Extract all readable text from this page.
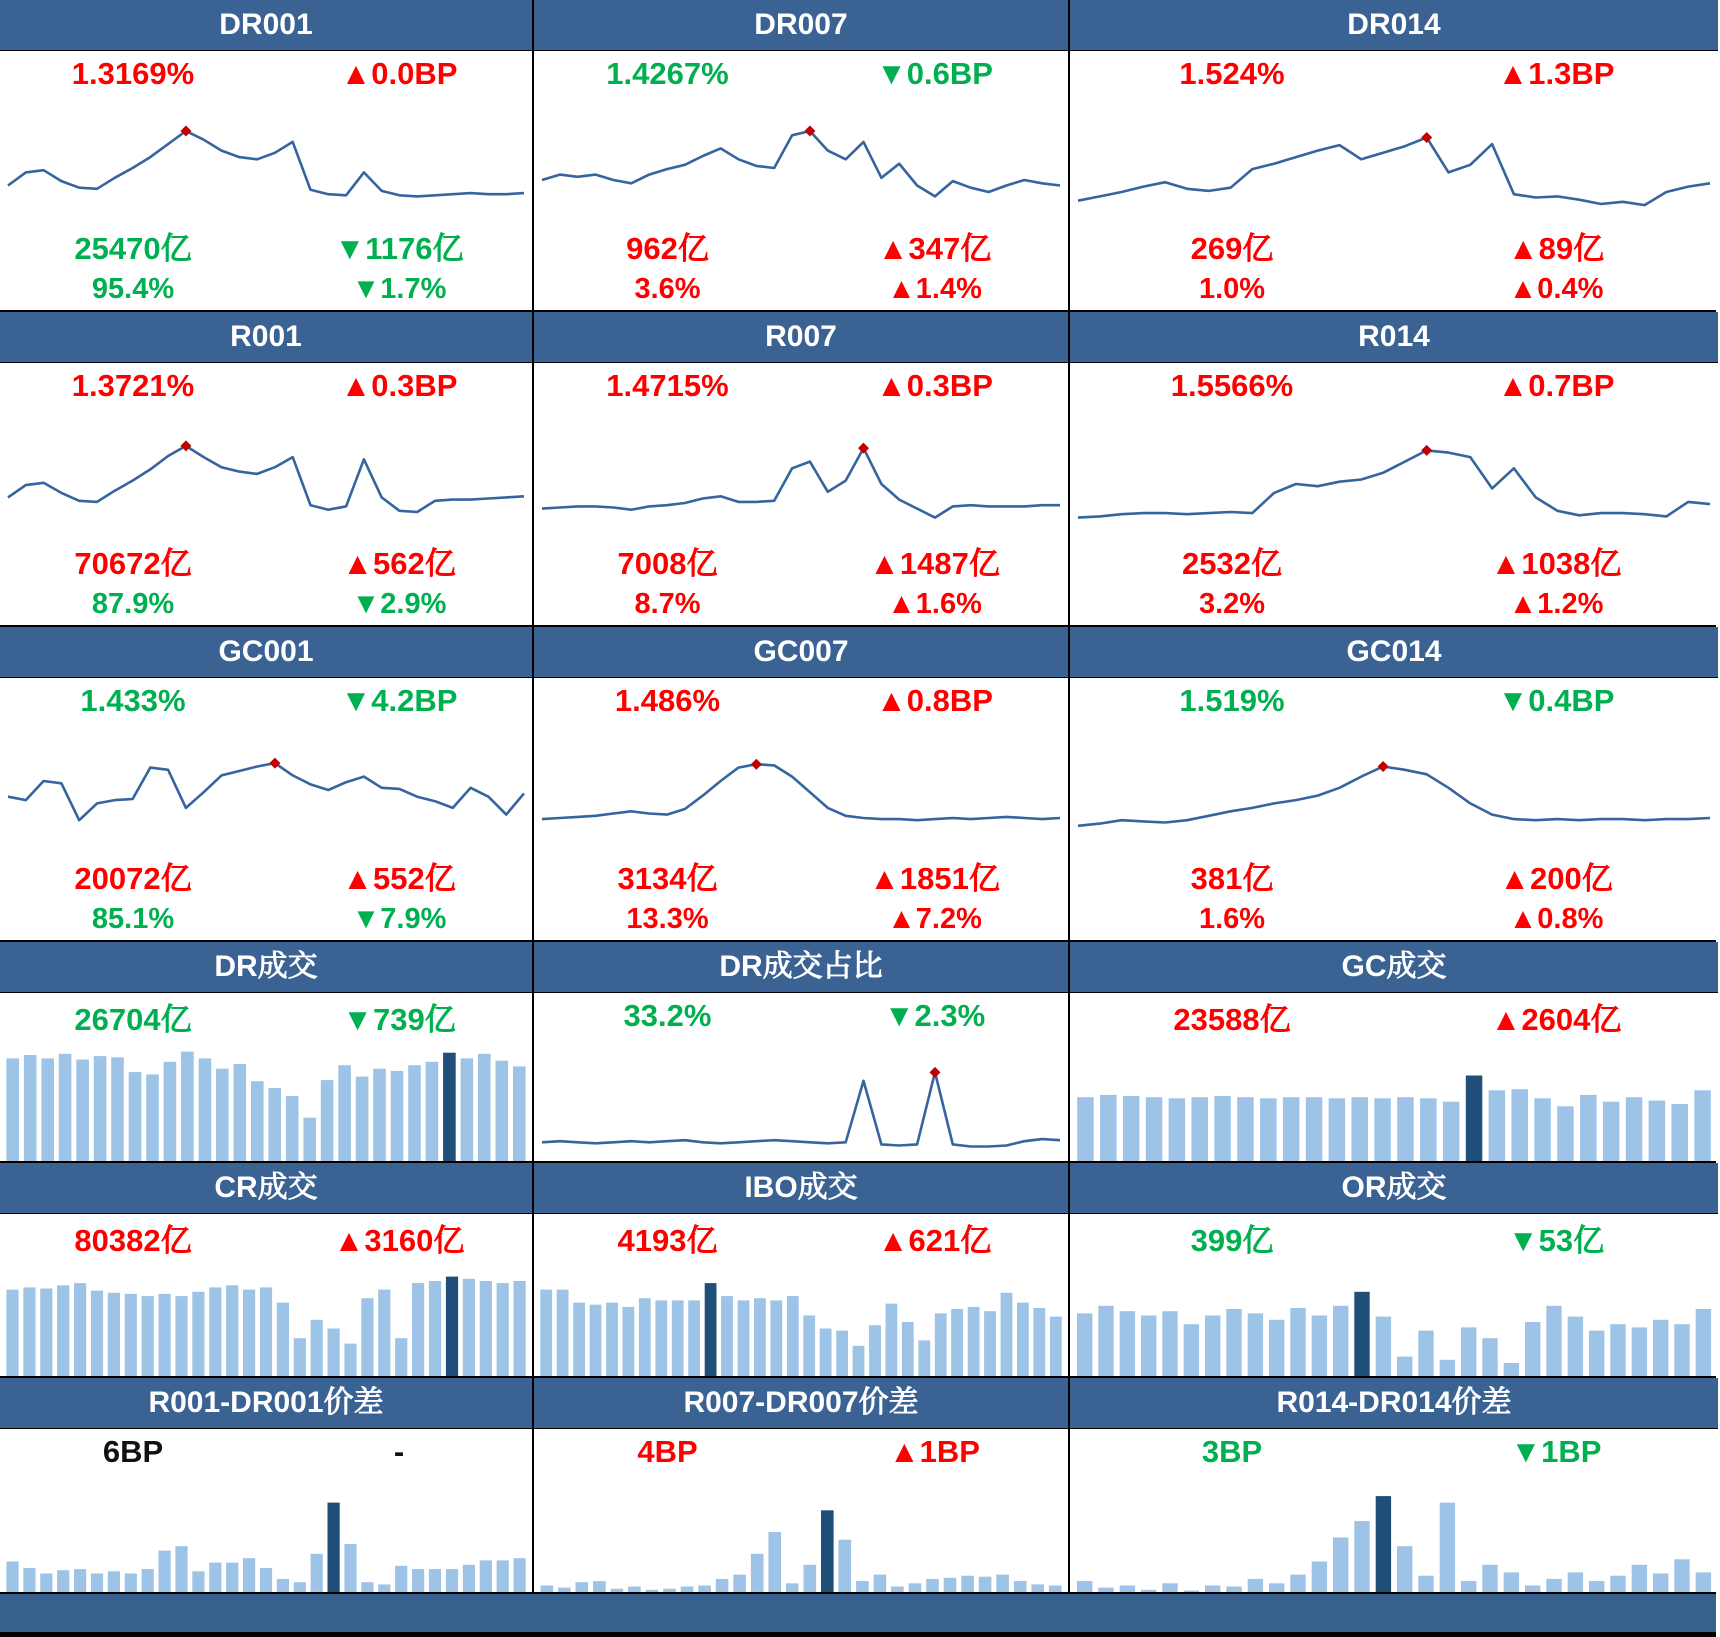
DR001
1.3169%	▲0.0BP
25470亿	▼1176亿
95.4%	▼1.7%
DR007
1.4267%	▼0.6BP
962亿	▲347亿
3.6%	▲1.4%
DR014
1.524%	▲1.3BP
269亿	▲89亿
1.0%	▲0.4%
R001
1.3721%	▲0.3BP
70672亿	▲562亿
87.9%	▼2.9%
R007
1.4715%	▲0.3BP
7008亿	▲1487亿
8.7%	▲1.6%
R014
1.5566%	▲0.7BP
2532亿	▲1038亿
3.2%	▲1.2%
GC001
1.433%	▼4.2BP
20072亿	▲552亿
85.1%	▼7.9%
GC007
1.486%	▲0.8BP
3134亿	▲1851亿
13.3%	▲7.2%
GC014
1.519%	▼0.4BP
381亿	▲200亿
1.6%	▲0.8%
DR成交
26704亿	▼739亿
DR成交占比
33.2%	▼2.3%
GC成交
23588亿	▲2604亿
CR成交
80382亿	▲3160亿
IBO成交
4193亿	▲621亿
OR成交
399亿	▼53亿
R001-DR001价差
6BP	-
R007-DR007价差
4BP	▲1BP
R014-DR014价差
3BP	▼1BP
